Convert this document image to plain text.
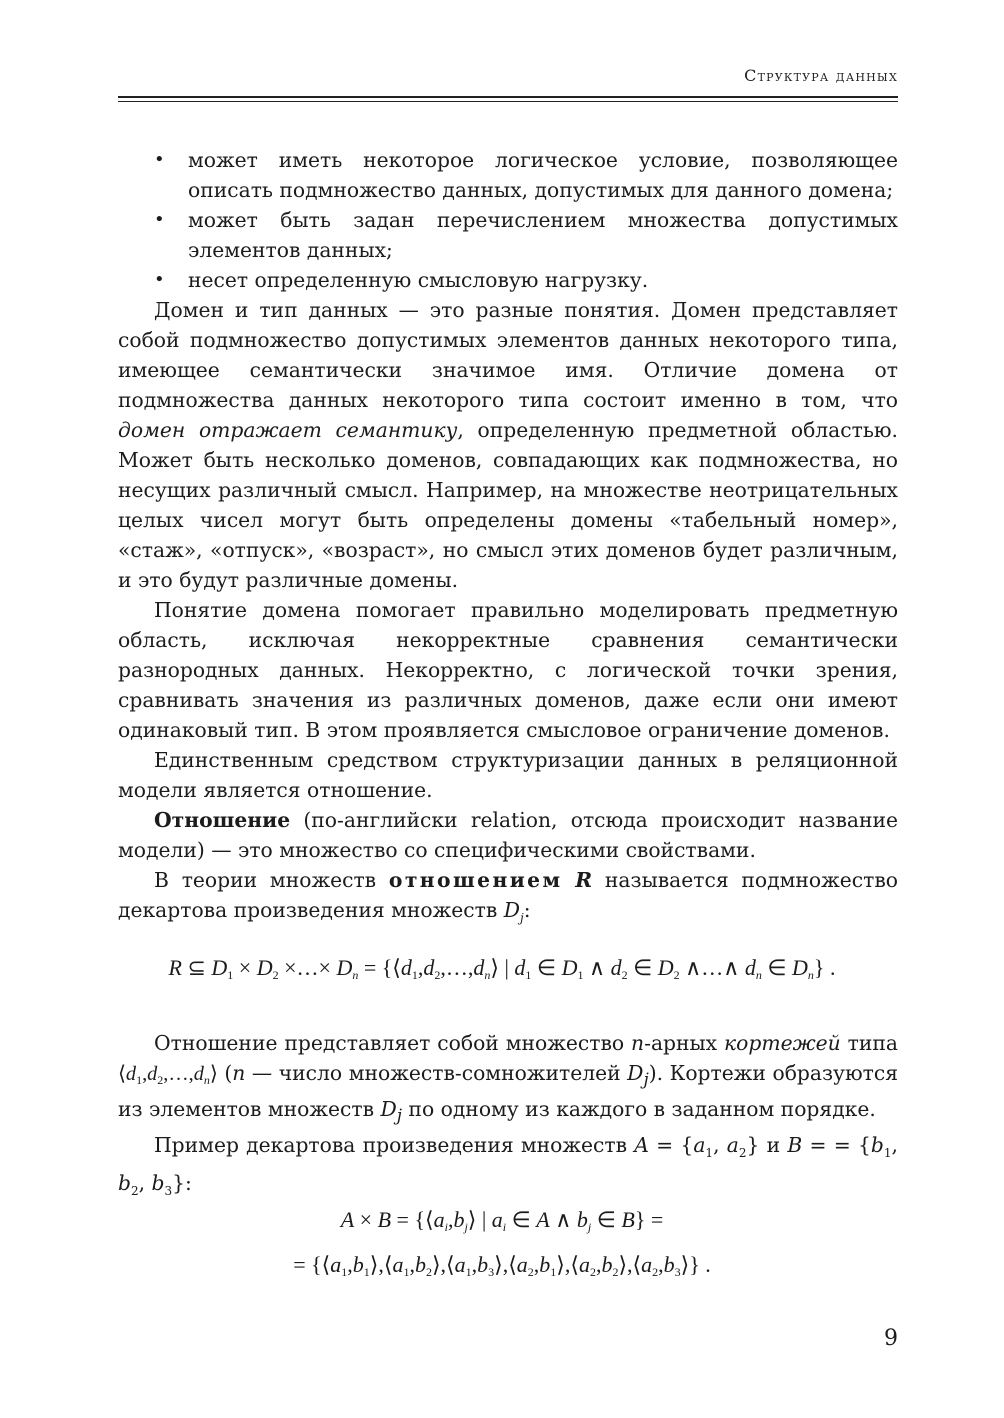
Структура данных
• может иметь некоторое логическое условие, позволяющее описать подмножество данных, допустимых для данного домена;
• может быть задан перечислением множества допустимых элементов данных;
• несет определенную смысловую нагрузку.

Домен и тип данных — это разные понятия. Домен представляет собой подмножество допустимых элементов данных некоторого типа, имеющее семантически значимое имя. Отличие домена от подмножества данных некоторого типа состоит именно в том, что домен отражает семантику, определенную предметной областью. Может быть несколько доменов, совпадающих как подмножества, но несущих различный смысл. Например, на множестве неотрицательных целых чисел могут быть определены домены «табельный номер», «стаж», «отпуск», «возраст», но смысл этих доменов будет различным, и это будут различные домены.

Понятие домена помогает правильно моделировать предметную область, исключая некорректные сравнения семантически разнородных данных. Некорректно, с логической точки зрения, сравнивать значения из различных доменов, даже если они имеют одинаковый тип. В этом проявляется смысловое ограничение доменов.

Единственным средством структуризации данных в реляционной модели является отношение.

Отношение (по-английски relation, отсюда происходит название модели) — это множество со специфическими свойствами.

В теории множеств отношением R называется подмножество декартова произведения множеств $D_j$:

R ⊆ $D_1 \times D_2$ ×…× $D_n$ = {$⟨d_1,d_2,\dots,d_n⟩$ | $d_1$ ∈ $D_1$ ∧ $d_2$ ∈ $D_2$ ∧…∧ $d_n$ ∈ $D_n$} .

Отношение представляет собой множество n-арных кортежей типа $⟨d_1,d_2,\dots,d_n⟩$ (n — число множеств-сомножителей $D_j$). Кортежи образуются из элементов множеств $D_j$ по одному из каждого в заданном порядке.

Пример декартова произведения множеств $A = \{a_1$, $a_2$} и B = = {$b_1$, $b_2$, $b_3$}:

$A \times B = \{⟨a_i,b_j⟩$ | $a_i$ ∈ A ∧ $b_j$ ∈ B} =
= $\{⟨a_1,b_1⟩,⟨a_1,b_2⟩,⟨a_1,b_3⟩,⟨a_2,b_1⟩,⟨a_2,b_2⟩,⟨a_2,b_3⟩\}$ .
9
